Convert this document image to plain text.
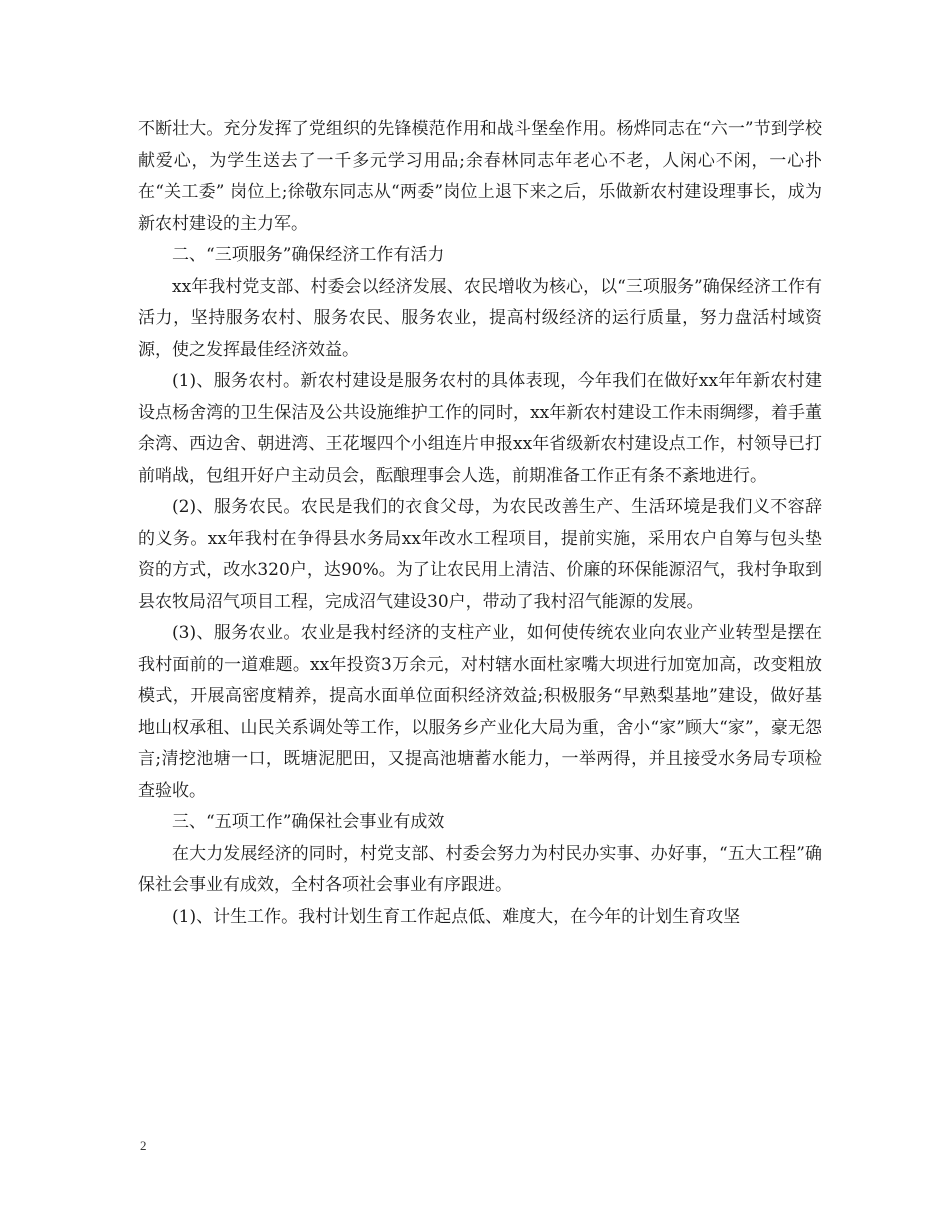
不断壮大。充分发挥了党组织的先锋模范作用和战斗堡垒作用。杨烨同志在“六一”节到学校献爱心，为学生送去了一千多元学习用品;余春林同志年老心不老，人闲心不闲，一心扑在“关工委” 岗位上;徐敬东同志从“两委”岗位上退下来之后，乐做新农村建设理事长，成为新农村建设的主力军。

二、“三项服务”确保经济工作有活力

xx年我村党支部、村委会以经济发展、农民增收为核心，以“三项服务”确保经济工作有活力，坚持服务农村、服务农民、服务农业，提高村级经济的运行质量，努力盘活村域资源，使之发挥最佳经济效益。

(1)、服务农村。新农村建设是服务农村的具体表现，今年我们在做好xx年年新农村建设点杨舍湾的卫生保洁及公共设施维护工作的同时，xx年新农村建设工作未雨绸缪，着手董余湾、西边舍、朝进湾、王花堰四个小组连片申报xx年省级新农村建设点工作，村领导已打前哨战，包组开好户主动员会，酝酿理事会人选，前期准备工作正有条不紊地进行。

(2)、服务农民。农民是我们的衣食父母，为农民改善生产、生活环境是我们义不容辞的义务。xx年我村在争得县水务局xx年改水工程项目，提前实施，采用农户自筹与包头垫资的方式，改水320户，达90%。为了让农民用上清洁、价廉的环保能源沼气，我村争取到县农牧局沼气项目工程，完成沼气建设30户，带动了我村沼气能源的发展。

(3)、服务农业。农业是我村经济的支柱产业，如何使传统农业向农业产业转型是摆在我村面前的一道难题。xx年投资3万余元，对村辖水面杜家嘴大坝进行加宽加高，改变粗放模式，开展高密度精养，提高水面单位面积经济效益;积极服务“早熟梨基地”建设，做好基地山权承租、山民关系调处等工作，以服务乡产业化大局为重，舍小“家”顾大“家”，豪无怨言;清挖池塘一口，既塘泥肥田，又提高池塘蓄水能力，一举两得，并且接受水务局专项检查验收。

三、“五项工作”确保社会事业有成效

在大力发展经济的同时，村党支部、村委会努力为村民办实事、办好事，“五大工程”确保社会事业有成效，全村各项社会事业有序跟进。

(1)、计生工作。我村计划生育工作起点低、难度大，在今年的计划生育攻坚

2
